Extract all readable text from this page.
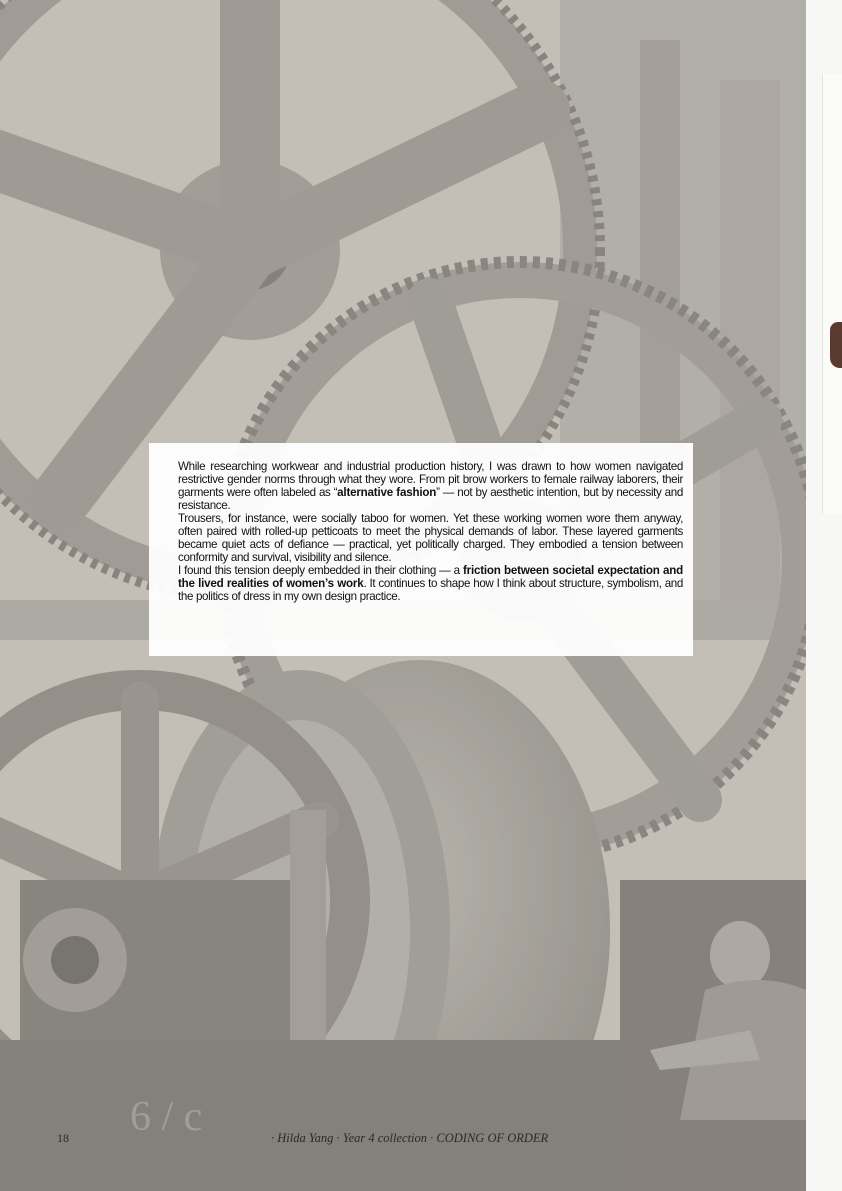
6 / c

While researching workwear and industrial production history, I was drawn to how women navigated restrictive gender norms through what they wore. From pit brow workers to female railway laborers, their garments were often labeled as “alternative fashion” — not by aesthetic intention, but by necessity and resistance.

Trousers, for instance, were socially taboo for women. Yet these working women wore them anyway, often paired with rolled-up petticoats to meet the physical demands of labor. These layered garments became quiet acts of defiance — practical, yet politically charged. They embodied a tension between conformity and survival, visibility and silence.

I found this tension deeply embedded in their clothing — a friction between societal expectation and the lived realities of women’s work. It continues to shape how I think about structure, symbolism, and the politics of dress in my own design practice.

18	· Hilda Yang · Year 4 collection · CODING OF ORDER
